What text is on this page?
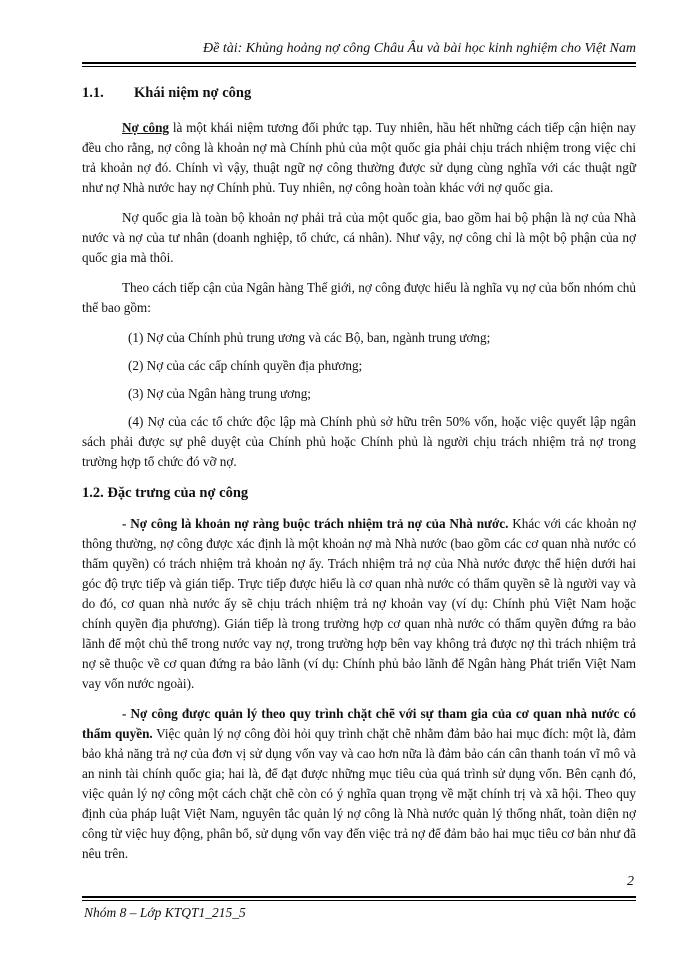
Đề tài: Khủng hoảng nợ công Châu Âu và bài học kinh nghiệm cho Việt Nam
1.1. Khái niệm nợ công

Nợ công là một khái niệm tương đối phức tạp. Tuy nhiên, hầu hết những cách tiếp cận hiện nay đều cho rằng, nợ công là khoản nợ mà Chính phủ của một quốc gia phải chịu trách nhiệm trong việc chi trả khoản nợ đó. Chính vì vậy, thuật ngữ nợ công thường được sử dụng cùng nghĩa với các thuật ngữ như nợ Nhà nước hay nợ Chính phủ. Tuy nhiên, nợ công hoàn toàn khác với nợ quốc gia.

Nợ quốc gia là toàn bộ khoản nợ phải trả của một quốc gia, bao gồm hai bộ phận là nợ của Nhà nước và nợ của tư nhân (doanh nghiệp, tổ chức, cá nhân). Như vậy, nợ công chỉ là một bộ phận của nợ quốc gia mà thôi.

Theo cách tiếp cận của Ngân hàng Thế giới, nợ công được hiểu là nghĩa vụ nợ của bốn nhóm chủ thể bao gồm:

(1) Nợ của Chính phủ trung ương và các Bộ, ban, ngành trung ương;

(2) Nợ của các cấp chính quyền địa phương;

(3) Nợ của Ngân hàng trung ương;

(4) Nợ của các tổ chức độc lập mà Chính phủ sở hữu trên 50% vốn, hoặc việc quyết lập ngân sách phải được sự phê duyệt của Chính phủ hoặc Chính phủ là người chịu trách nhiệm trả nợ trong trường hợp tổ chức đó vỡ nợ.

1.2. Đặc trưng của nợ công

- Nợ công là khoản nợ ràng buộc trách nhiệm trả nợ của Nhà nước. Khác với các khoản nợ thông thường, nợ công được xác định là một khoản nợ mà Nhà nước (bao gồm các cơ quan nhà nước có thẩm quyền) có trách nhiệm trả khoản nợ ấy. Trách nhiệm trả nợ của Nhà nước được thể hiện dưới hai góc độ trực tiếp và gián tiếp. Trực tiếp được hiểu là cơ quan nhà nước có thẩm quyền sẽ là người vay và do đó, cơ quan nhà nước ấy sẽ chịu trách nhiệm trả nợ khoản vay (ví dụ: Chính phủ Việt Nam hoặc chính quyền địa phương). Gián tiếp là trong trường hợp cơ quan nhà nước có thẩm quyền đứng ra bảo lãnh để một chủ thể trong nước vay nợ, trong trường hợp bên vay không trả được nợ thì trách nhiệm trả nợ sẽ thuộc về cơ quan đứng ra bảo lãnh (ví dụ: Chính phủ bảo lãnh để Ngân hàng Phát triển Việt Nam vay vốn nước ngoài).

- Nợ công được quản lý theo quy trình chặt chẽ với sự tham gia của cơ quan nhà nước có thẩm quyền. Việc quản lý nợ công đòi hỏi quy trình chặt chẽ nhằm đảm bảo hai mục đích: một là, đảm bảo khả năng trả nợ của đơn vị sử dụng vốn vay và cao hơn nữa là đảm bảo cán cân thanh toán vĩ mô và an ninh tài chính quốc gia; hai là, để đạt được những mục tiêu của quá trình sử dụng vốn. Bên cạnh đó, việc quản lý nợ công một cách chặt chẽ còn có ý nghĩa quan trọng về mặt chính trị và xã hội. Theo quy định của pháp luật Việt Nam, nguyên tắc quản lý nợ công là Nhà nước quản lý thống nhất, toàn diện nợ công từ việc huy động, phân bổ, sử dụng vốn vay đến việc trả nợ để đảm bảo hai mục tiêu cơ bản như đã nêu trên.

2
Nhóm 8 – Lớp KTQT1_215_5
